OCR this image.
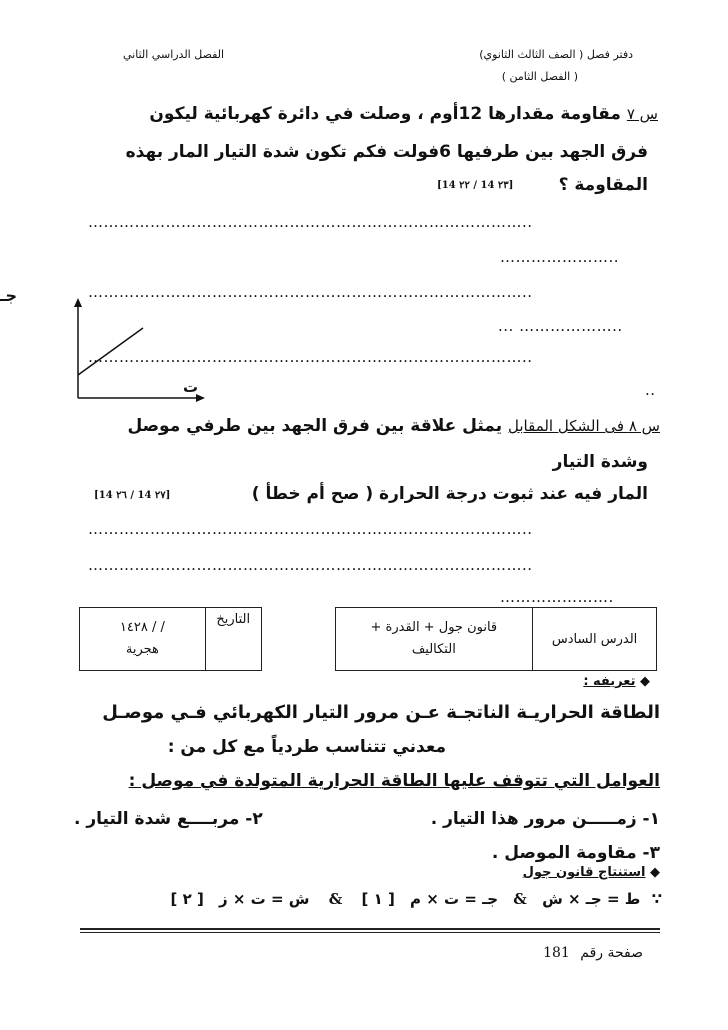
دفتر فصل ( الصف الثالث الثانوي)
الفصل الدراسي الثاني
( الفصل الثامن )
س ٧ مقاومة مقدارها 12أوم ، وصلت في دائرة كهربائية ليكون
فرق الجهد بين طرفيها 6فولت فكم تكون شدة التيار المار بهذه
المقاومة ؟
[14 ٢٢ / 14 ٢٣]
…………………………………………………………………………..
…………………..
…………………………………………………………………………..
... ………………..
…………………………………………………………………………..
..
جـ
ت
س ٨ فى الشكل المقابل يمثل علاقة بين فرق الجهد بين طرفي موصل
وشدة التيار
المار فيه عند ثبوت درجة الحرارة ( صح أم خطأ )
[14 ٢٦ / 14 ٢٧]
…………………………………………………………………………..
…………………………………………………………………………..
………………….
/ / ١٤٢٨
هجرية
	التاريخ		
قانون جول + القدرة +
التكاليف
	الدرس السادس
◆ تعريفه :
الطاقة الحراريـة الناتجـة عـن مرور التيار الكهربائي فـي موصـل
معدني تتناسب طردياً مع كل من :
العوامل التي تتوقف عليها الطاقة الحرارية المتولدة في موصل :
١- زمـــــن مرور هذا التيار .
٢- مربــــع شدة التيار .
٣- مقاومة الموصل .
◆ استنتاج قانون جول
∵ ط = جـ × ش & جـ = ت × م [ ١ ] & ش = ت × ز [ ٢ ]
صفحة رقم 181
